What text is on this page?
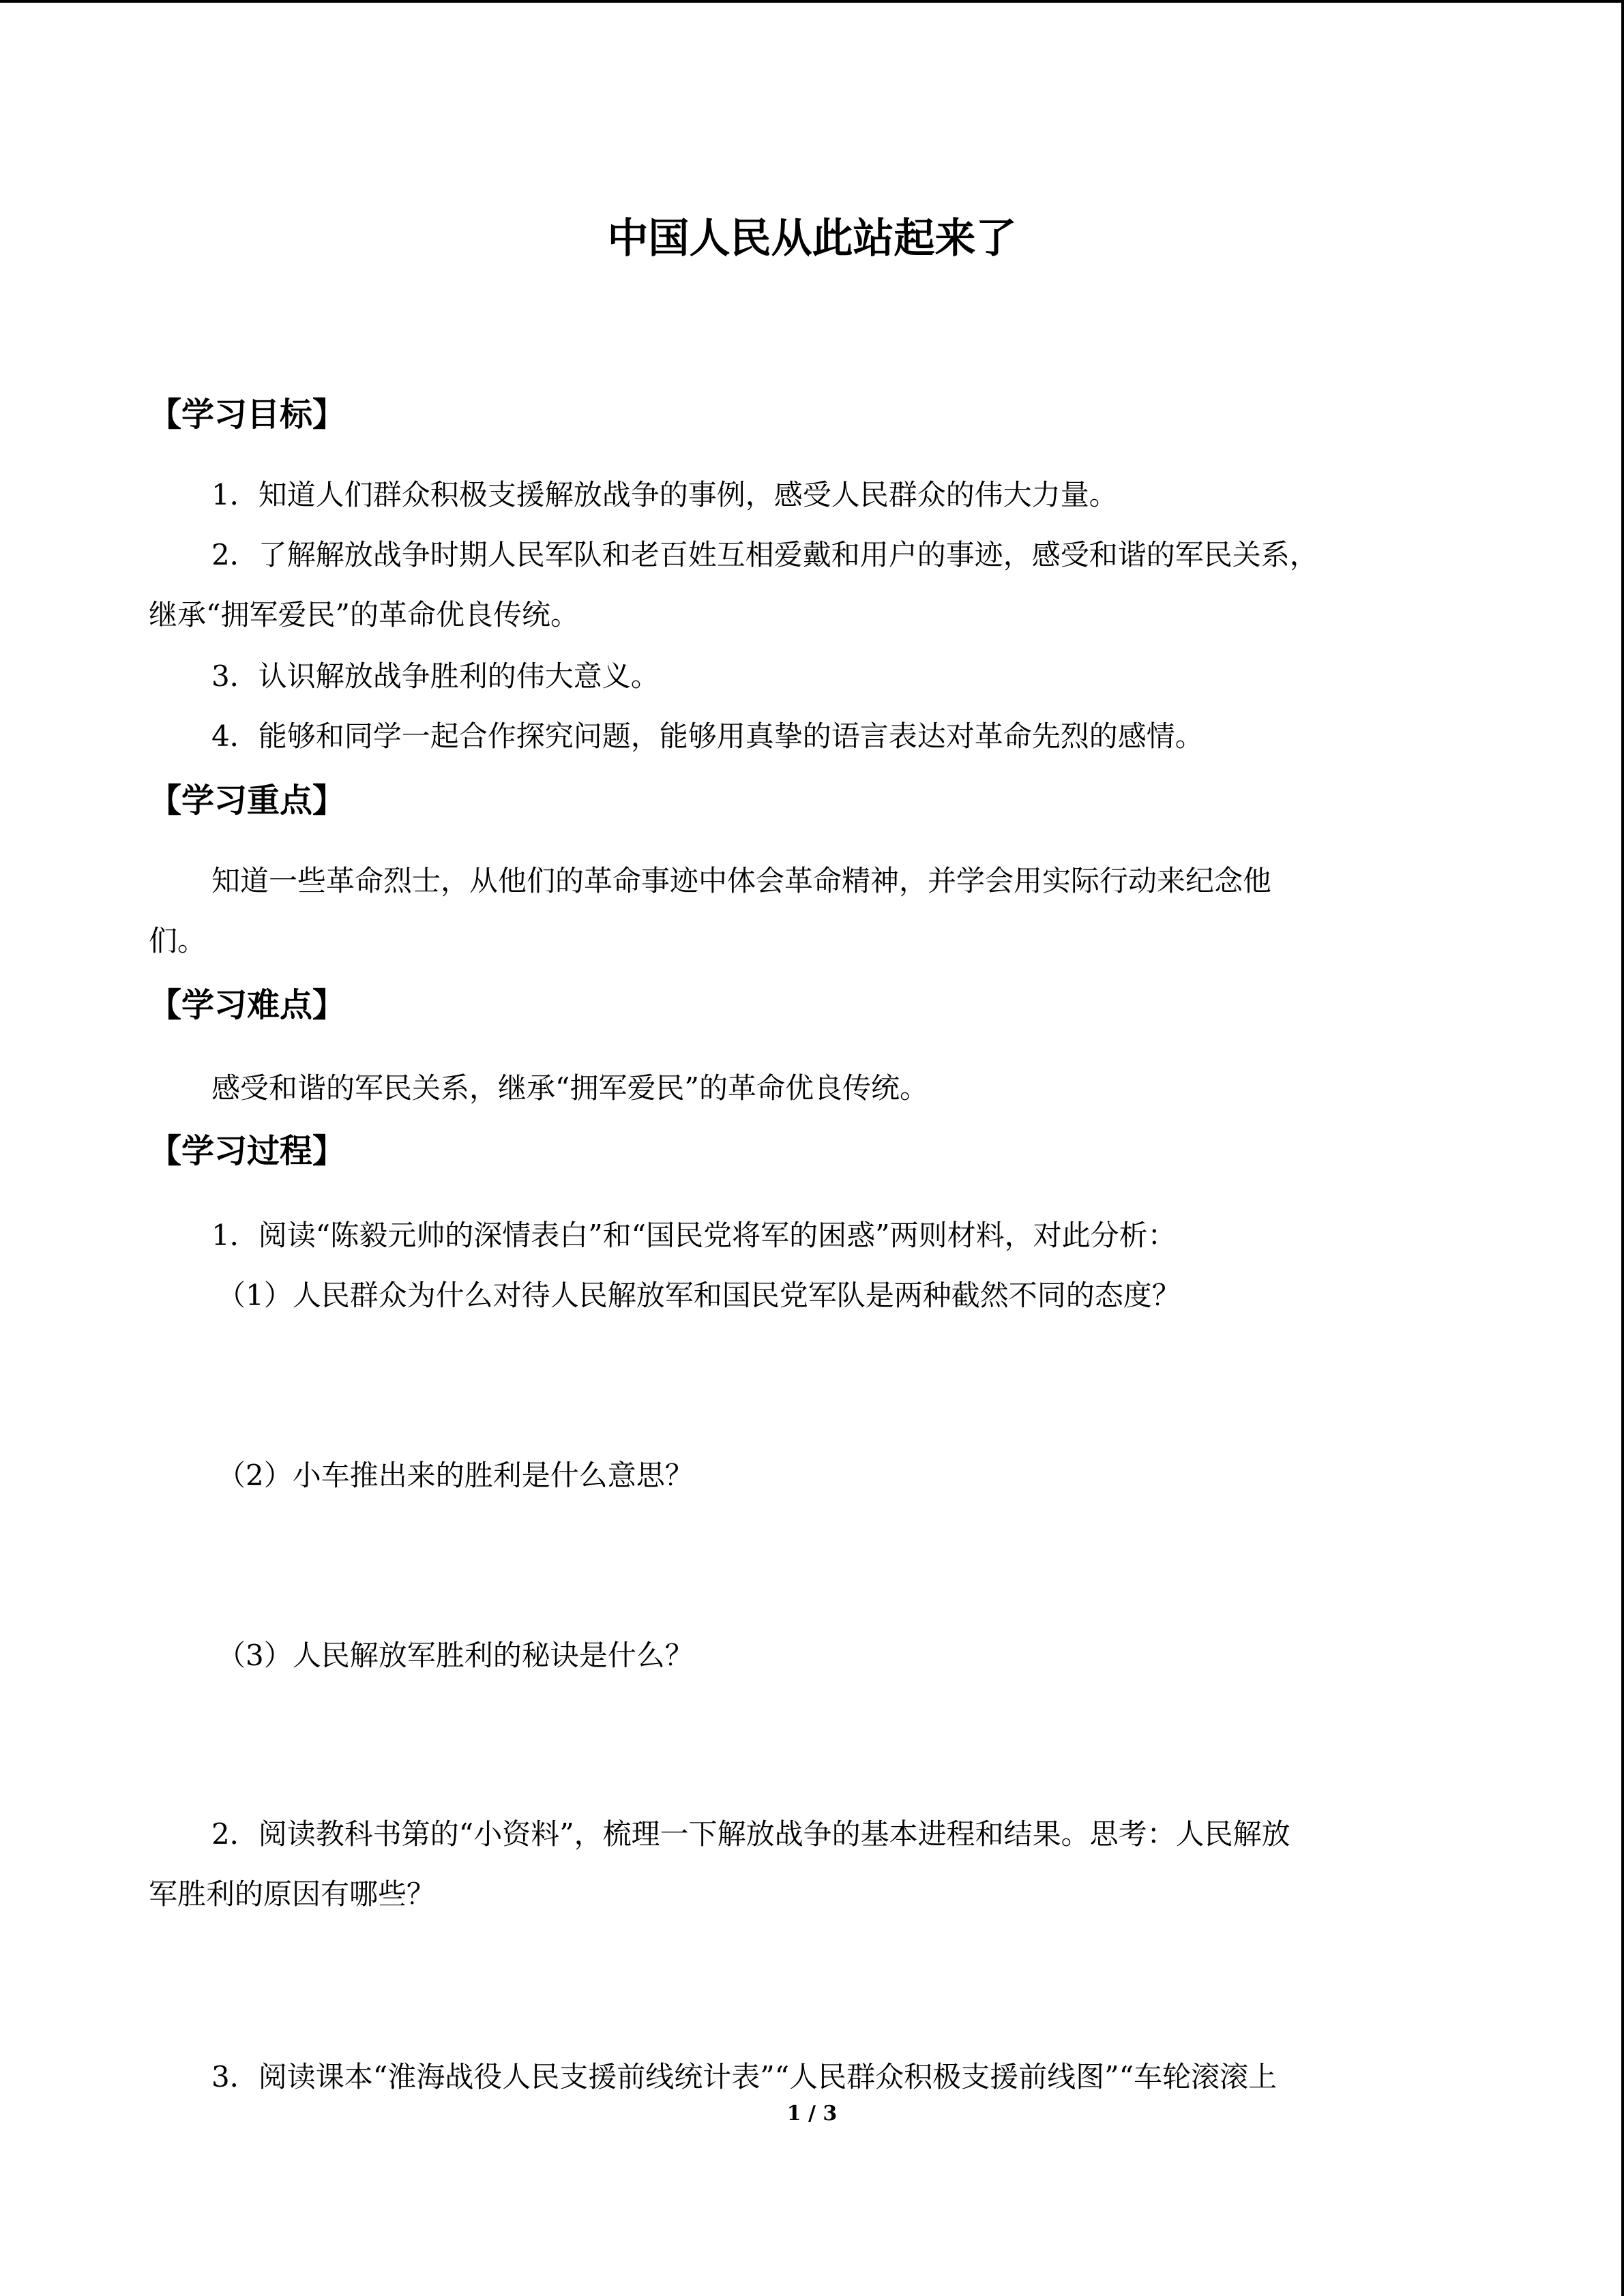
中国人民从此站起来了
【学习目标】
1．知道人们群众积极支援解放战争的事例，感受人民群众的伟大力量。
2．了解解放战争时期人民军队和老百姓互相爱戴和用户的事迹，感受和谐的军民关系，
继承“拥军爱民”的革命优良传统。
3．认识解放战争胜利的伟大意义。
4．能够和同学一起合作探究问题，能够用真挚的语言表达对革命先烈的感情。
【学习重点】
知道一些革命烈士，从他们的革命事迹中体会革命精神，并学会用实际行动来纪念他
们。
【学习难点】
感受和谐的军民关系，继承“拥军爱民”的革命优良传统。
【学习过程】
1．阅读“陈毅元帅的深情表白”和“国民党将军的困惑”两则材料，对此分析：
（1）人民群众为什么对待人民解放军和国民党军队是两种截然不同的态度？
（2）小车推出来的胜利是什么意思？
（3）人民解放军胜利的秘诀是什么？
2．阅读教科书第的“小资料”，梳理一下解放战争的基本进程和结果。思考：人民解放
军胜利的原因有哪些？
3．阅读课本“淮海战役人民支援前线统计表”“人民群众积极支援前线图”“车轮滚滚上
1 / 3
